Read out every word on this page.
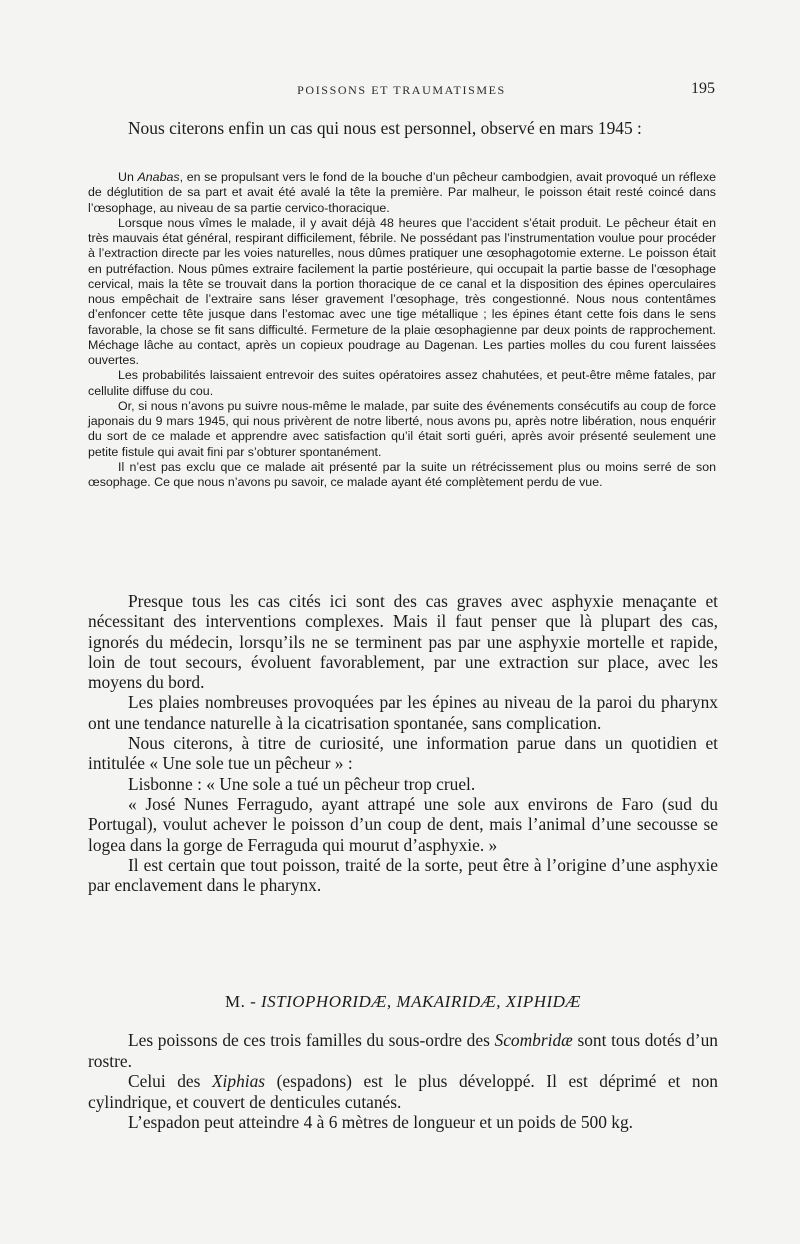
POISSONS ET TRAUMATISMES	195

Nous citerons enfin un cas qui nous est personnel, observé en mars 1945 :

Un Anabas, en se propulsant vers le fond de la bouche d’un pêcheur cambodgien, avait provoqué un réflexe de déglutition de sa part et avait été avalé la tête la première. Par malheur, le poisson était resté coincé dans l’œsophage, au niveau de sa partie cervico-thoracique.

Lorsque nous vîmes le malade, il y avait déjà 48 heures que l’accident s’était produit. Le pêcheur était en très mauvais état général, respirant difficilement, fébrile. Ne possédant pas l’instrumentation voulue pour procéder à l’extraction directe par les voies naturelles, nous dûmes pratiquer une œsophagotomie externe. Le poisson était en putréfaction. Nous pûmes extraire facilement la partie postérieure, qui occupait la partie basse de l’œsophage cervical, mais la tête se trouvait dans la portion thoracique de ce canal et la disposition des épines operculaires nous empêchait de l’extraire sans léser gravement l’œsophage, très congestionné. Nous nous contentâmes d’enfoncer cette tête jusque dans l’estomac avec une tige métallique ; les épines étant cette fois dans le sens favorable, la chose se fit sans difficulté. Fermeture de la plaie œsophagienne par deux points de rapprochement. Méchage lâche au contact, après un copieux poudrage au Dagenan. Les parties molles du cou furent laissées ouvertes.

Les probabilités laissaient entrevoir des suites opératoires assez chahutées, et peut-être même fatales, par cellulite diffuse du cou.

Or, si nous n’avons pu suivre nous-même le malade, par suite des événements consécutifs au coup de force japonais du 9 mars 1945, qui nous privèrent de notre liberté, nous avons pu, après notre libération, nous enquérir du sort de ce malade et apprendre avec satisfaction qu’il était sorti guéri, après avoir présenté seulement une petite fistule qui avait fini par s’obturer spontanément.

Il n’est pas exclu que ce malade ait présenté par la suite un rétrécissement plus ou moins serré de son œsophage. Ce que nous n’avons pu savoir, ce malade ayant été complètement perdu de vue.

Presque tous les cas cités ici sont des cas graves avec asphyxie menaçante et nécessitant des interventions complexes. Mais il faut penser que là plupart des cas, ignorés du médecin, lorsqu’ils ne se terminent pas par une asphyxie mortelle et rapide, loin de tout secours, évoluent favorablement, par une extraction sur place, avec les moyens du bord.

Les plaies nombreuses provoquées par les épines au niveau de la paroi du pharynx ont une tendance naturelle à la cicatrisation spontanée, sans complication.

Nous citerons, à titre de curiosité, une information parue dans un quotidien et intitulée « Une sole tue un pêcheur » :

Lisbonne : « Une sole a tué un pêcheur trop cruel.

« José Nunes Ferragudo, ayant attrapé une sole aux environs de Faro (sud du Portugal), voulut achever le poisson d’un coup de dent, mais l’animal d’une secousse se logea dans la gorge de Ferraguda qui mourut d’asphyxie. »

Il est certain que tout poisson, traité de la sorte, peut être à l’origine d’une asphyxie par enclavement dans le pharynx.

M. - ISTIOPHORIDÆ, MAKAIRIDÆ, XIPHIDÆ

Les poissons de ces trois familles du sous-ordre des Scombridæ sont tous dotés d’un rostre.

Celui des Xiphias (espadons) est le plus développé. Il est déprimé et non cylindrique, et couvert de denticules cutanés.

L’espadon peut atteindre 4 à 6 mètres de longueur et un poids de 500 kg.
